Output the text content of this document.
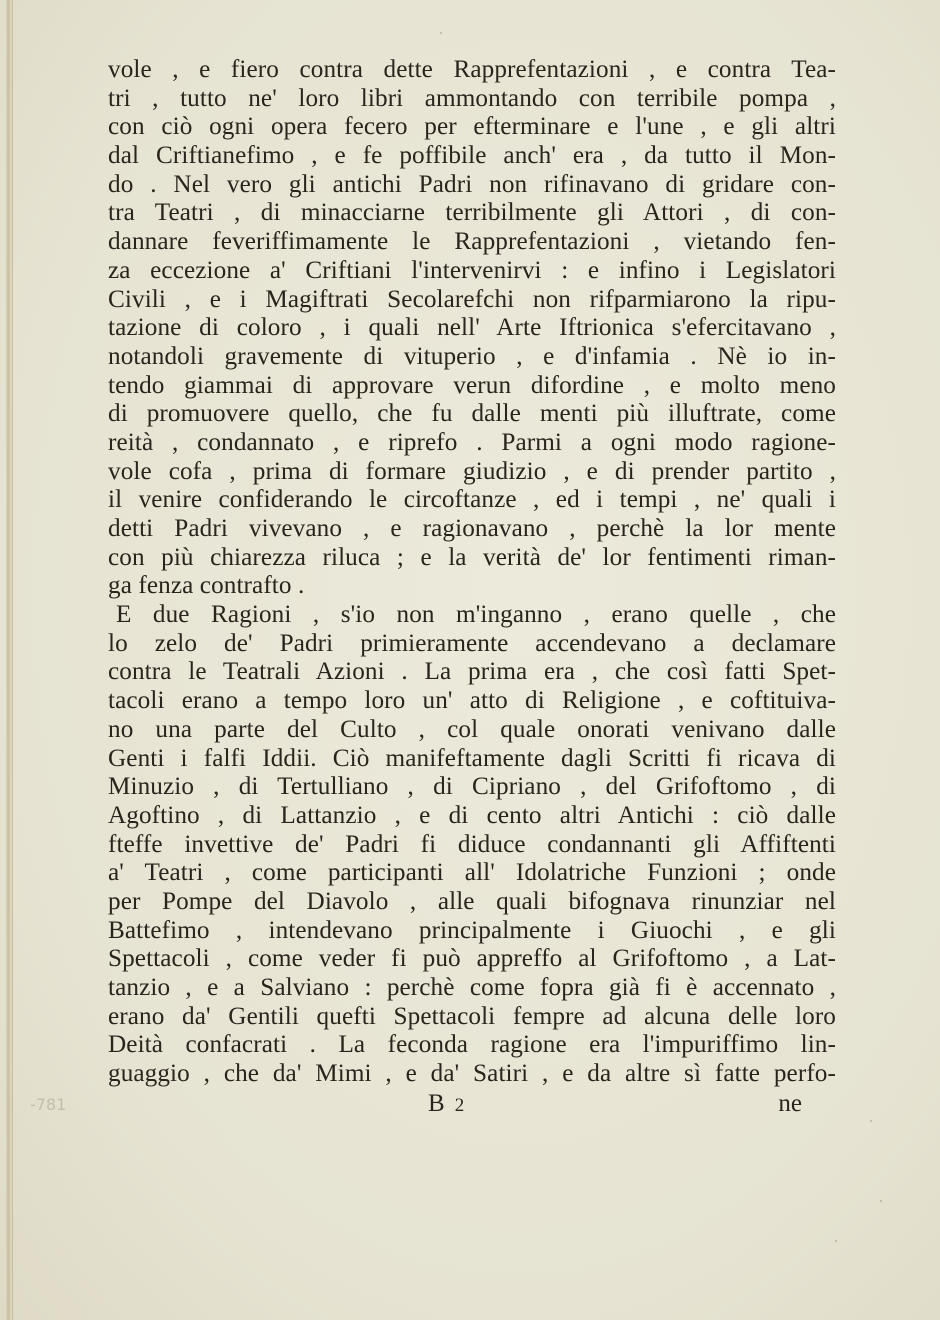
vole , e fiero contra dette Rapprefentazioni , e contra Tea-
tri , tutto ne' loro libri ammontando con terribile pompa ,
con ciò ogni opera fecero per efterminare e l'une , e gli altri
dal Criftianefimo , e fe poffibile anch' era , da tutto il Mon-
do . Nel vero gli antichi Padri non rifinavano di gridare con-
tra Teatri , di minacciarne terribilmente gli Attori , di con-
dannare feveriffimamente le Rapprefentazioni , vietando fen-
za eccezione a' Criftiani l'intervenirvi : e infino i Legislatori
Civili , e i Magiftrati Secolarefchi non rifparmiarono la ripu-
tazione di coloro , i quali nell' Arte Iftrionica s'efercitavano ,
notandoli gravemente di vituperio , e d'infamia . Nè io in-
tendo giammai di approvare verun difordine , e molto meno
di promuovere quello, che fu dalle menti più illuftrate, come
reità , condannato , e riprefo . Parmi a ogni modo ragione-
vole cofa , prima di formare giudizio , e di prender partito ,
il venire confiderando le circoftanze , ed i tempi , ne' quali i
detti Padri vivevano , e ragionavano , perchè la lor mente
con più chiarezza riluca ; e la verità de' lor fentimenti riman-
ga fenza contrafto .
E due Ragioni , s'io non m'inganno , erano quelle , che
lo zelo de' Padri primieramente accendevano a declamare
contra le Teatrali Azioni . La prima era , che così fatti Spet-
tacoli erano a tempo loro un' atto di Religione , e coftituiva-
no una parte del Culto , col quale onorati venivano dalle
Genti i falfi Iddii. Ciò manifeftamente dagli Scritti fi ricava di
Minuzio , di Tertulliano , di Cipriano , del Grifoftomo , di
Agoftino , di Lattanzio , e di cento altri Antichi : ciò dalle
fteffe invettive de' Padri fi diduce condannanti gli Affiftenti
a' Teatri , come participanti all' Idolatriche Funzioni ; onde
per Pompe del Diavolo , alle quali bifognava rinunziar nel
Battefimo , intendevano principalmente i Giuochi , e gli
Spettacoli , come veder fi può appreffo al Grifoftomo , a Lat-
tanzio , e a Salviano : perchè come fopra già fi è accennato ,
erano da' Gentili quefti Spettacoli fempre ad alcuna delle loro
Deità confacrati . La feconda ragione era l'impuriffimo lin-
guaggio , che da' Mimi , e da' Satiri , e da altre sì fatte perfo-
-781	B2	ne
